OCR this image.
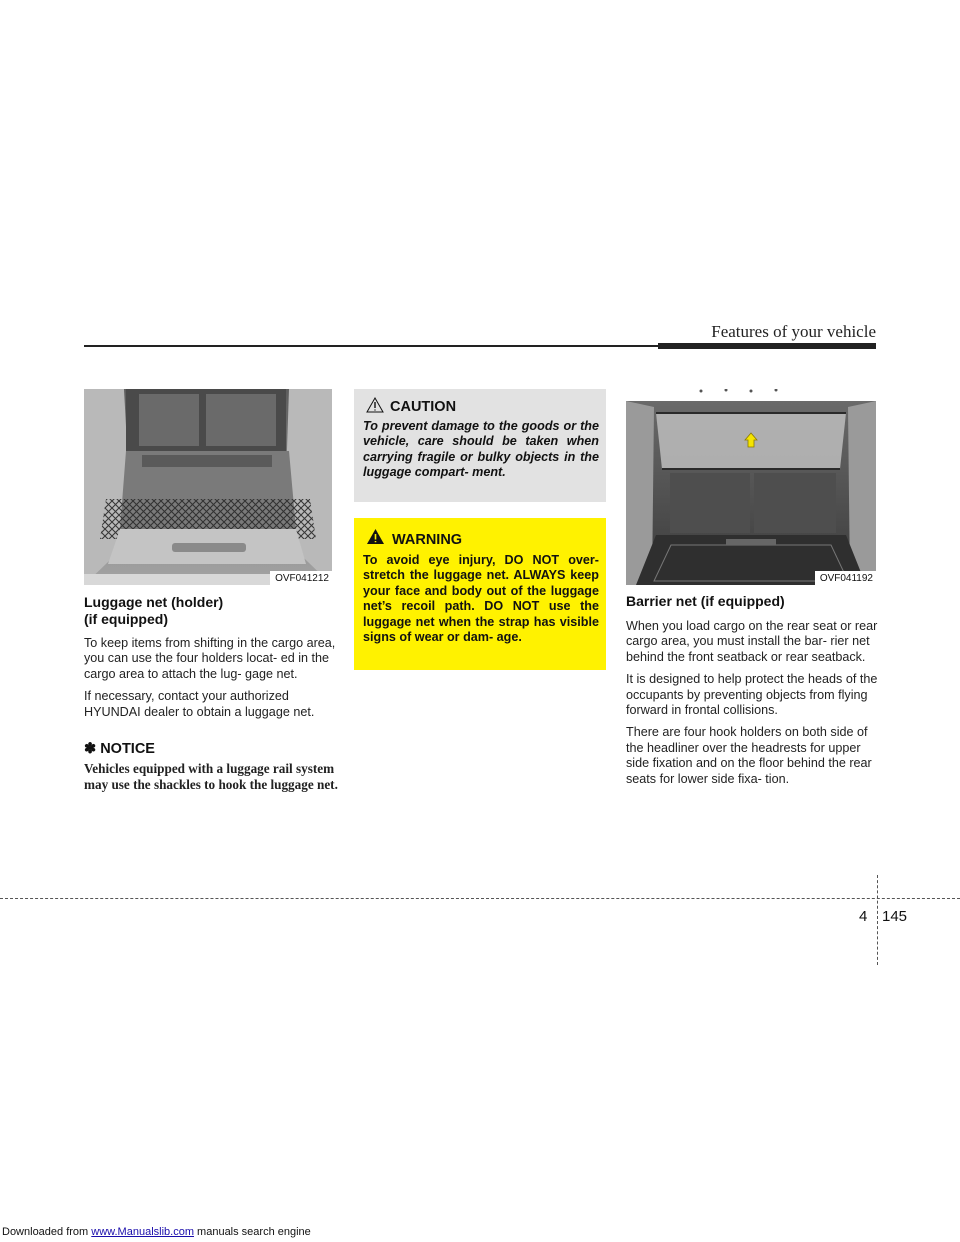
Features of your vehicle
OVF041212
Luggage net (holder)
(if equipped)

To keep items from shifting in the cargo area, you can use the four holders locat- ed in the cargo area to attach the lug- gage net.

If necessary, contact your authorized HYUNDAI dealer to obtain a luggage net.

✽ NOTICE
Vehicles equipped with a luggage rail system may use the shackles to hook the luggage net.
CAUTION
To prevent damage to the goods or the vehicle, care should be taken when carrying fragile or bulky objects in the luggage compart- ment.
WARNING
To avoid eye injury, DO NOT over- stretch the luggage net. ALWAYS keep your face and body out of the luggage net’s recoil path. DO NOT use the luggage net when the strap has visible signs of wear or dam- age.
OVF041192
Barrier net (if equipped)

When you load cargo on the rear seat or rear cargo area, you must install the bar- rier net behind the front seatback or rear seatback.

It is designed to help protect the heads of the occupants by preventing objects from flying forward in frontal collisions.

There are four hook holders on both side of the headliner over the headrests for upper side fixation and on the floor behind the rear seats for lower side fixa- tion.

4 145
Downloaded from www.Manualslib.com manuals search engine
